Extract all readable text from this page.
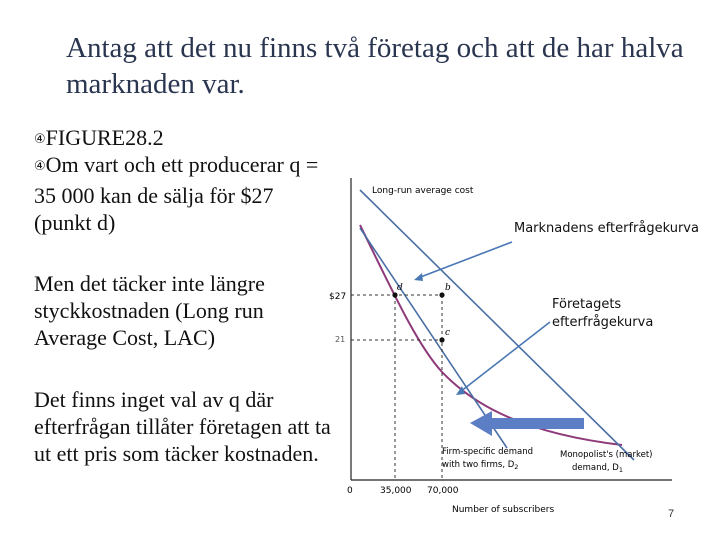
Antag att det nu finns två företag och att de har halva marknaden var.
④FIGURE28.2
④Om vart och ett producerar q = 35 000 kan de sälja för $27 (punkt d)
Men det täcker inte längre styckkostnaden (Long run Average Cost, LAC)
Det finns inget val av q där efterfrågan tillåter företagen att ta ut ett pris som täcker kostnaden.
d	b
c
$27
21
0	35,000 70,000
Number of subscribers
Long-run average cost
Firm-specific demand
with two firms, $D_2$
Monopolist's (market)
demand, $D_1$
Marknadens efterfrågekurva
Företagets efterfrågekurva
7
